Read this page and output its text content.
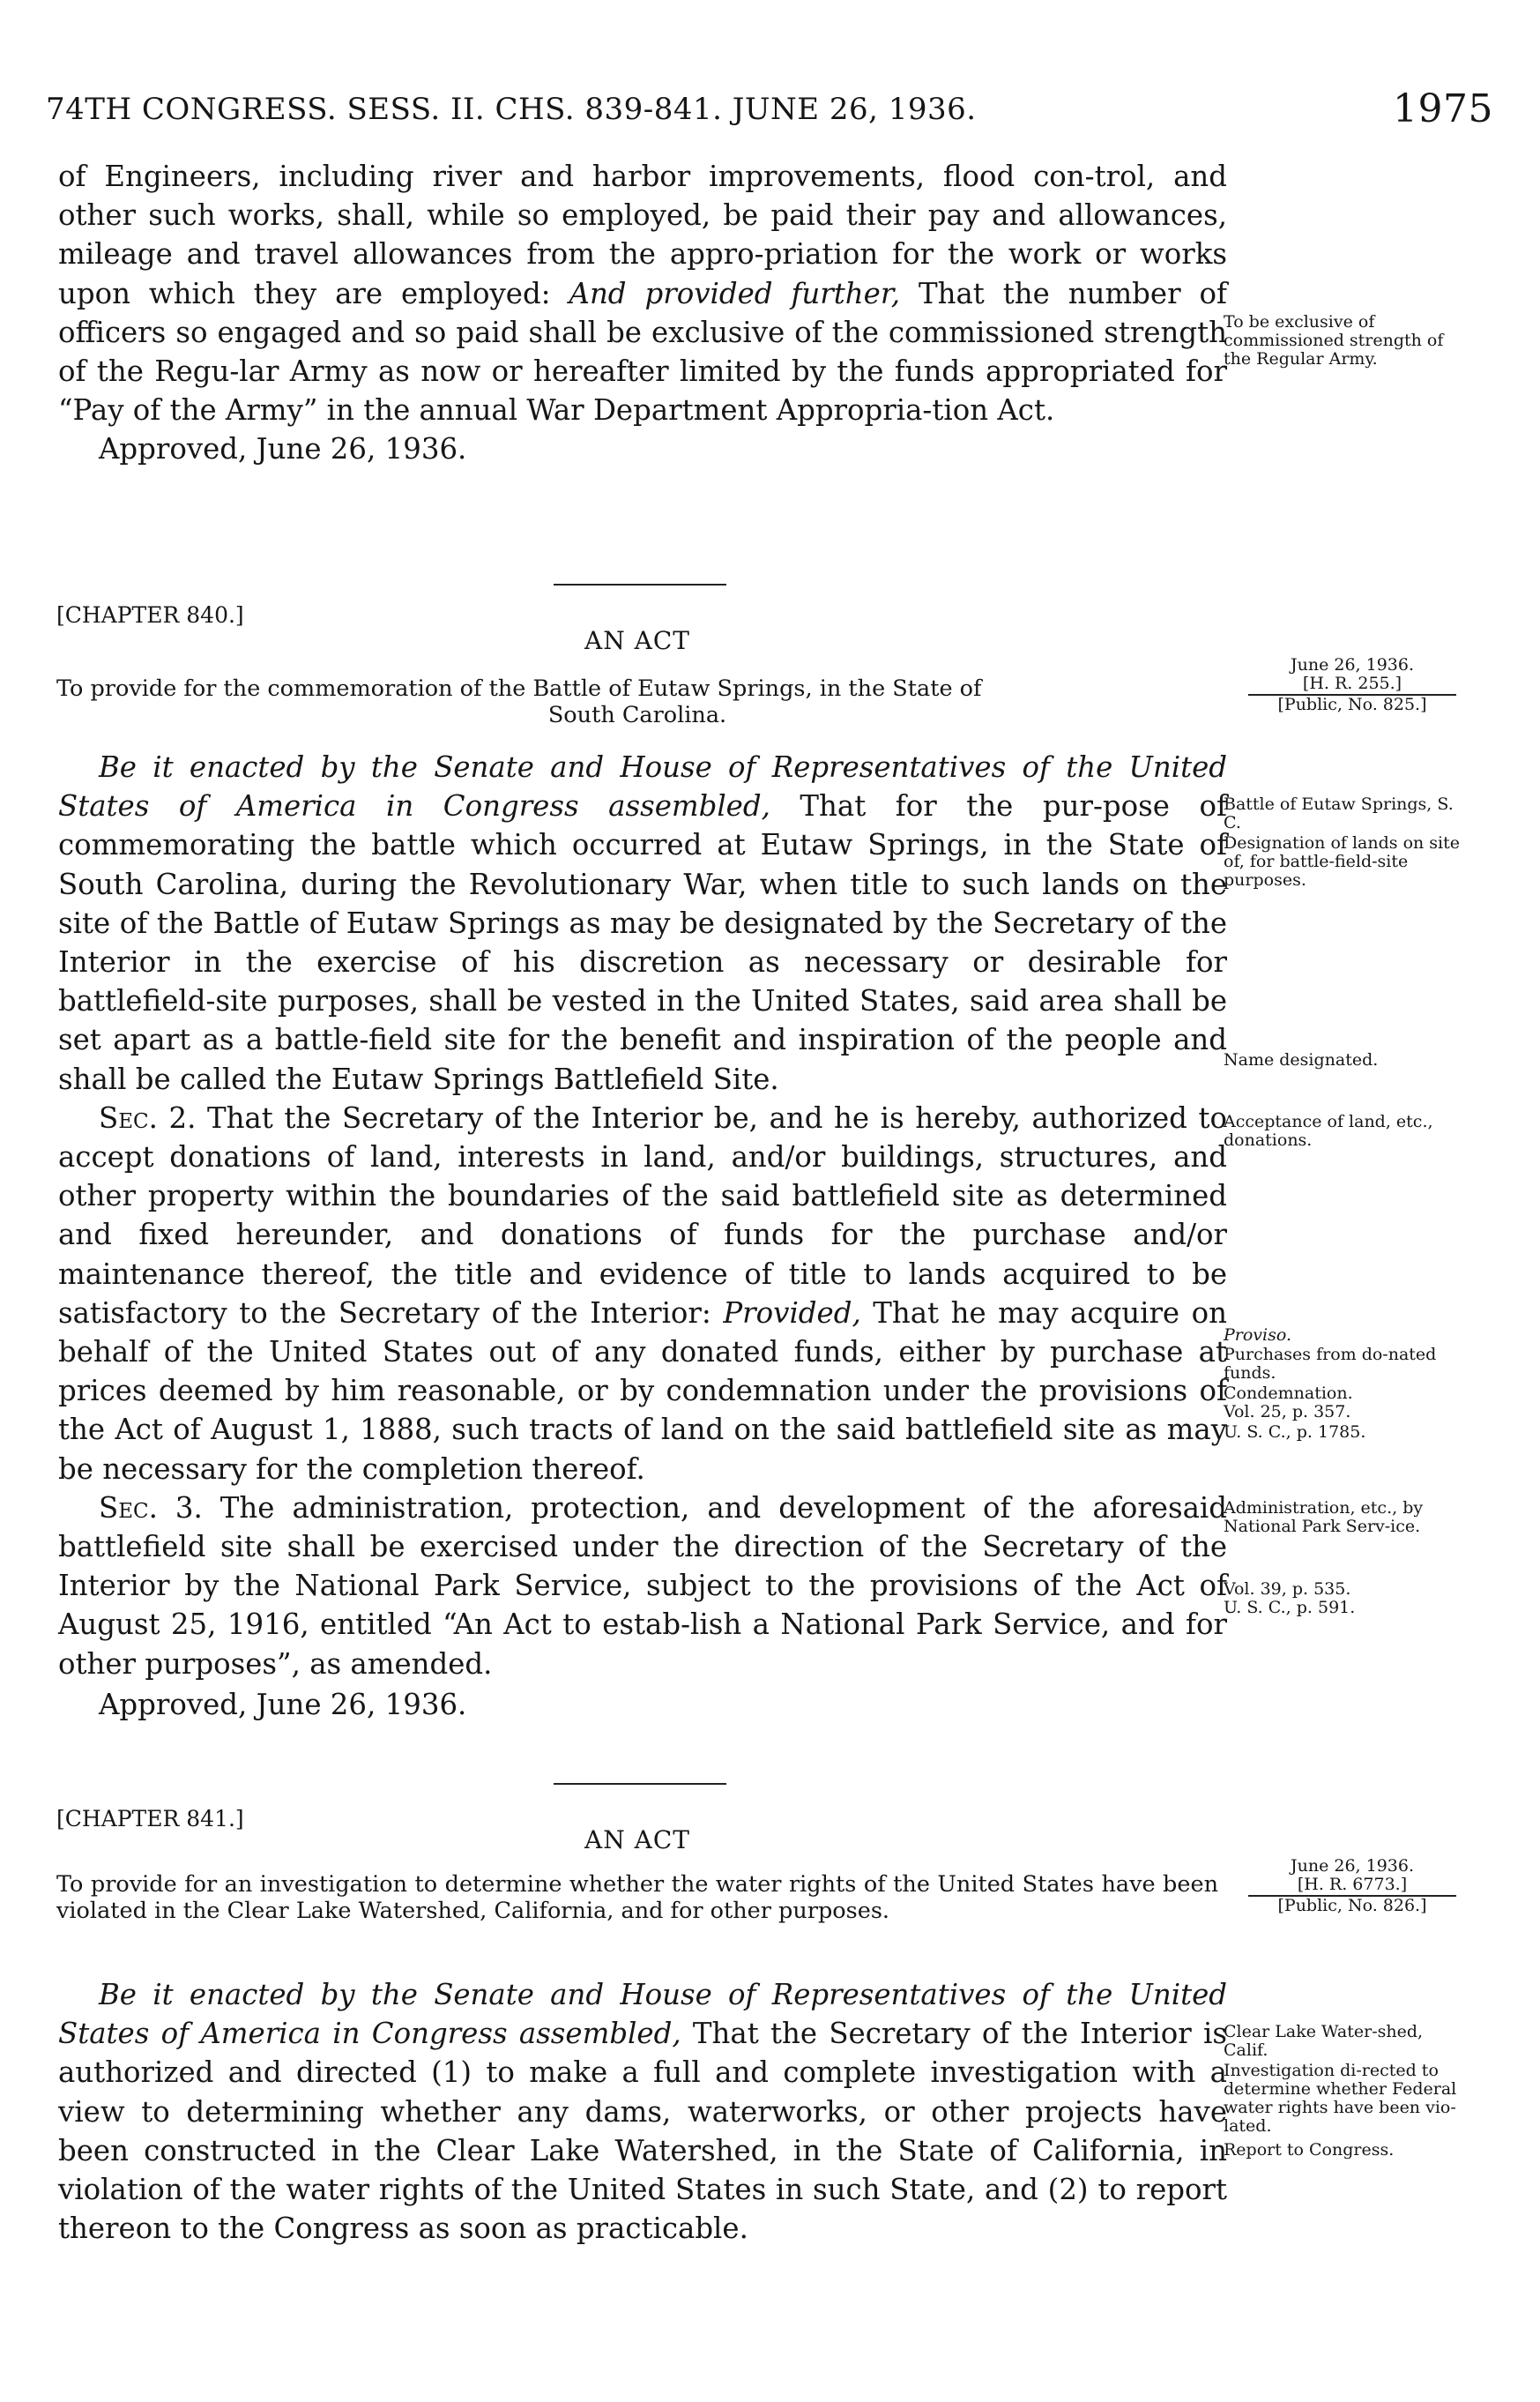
74TH CONGRESS. SESS. II. CHS. 839-841. JUNE 26, 1936.	1975

of Engineers, including river and harbor improvements, flood con-trol, and other such works, shall, while so employed, be paid their pay and allowances, mileage and travel allowances from the appro-priation for the work or works upon which they are employed: And provided further, That the number of officers so engaged and so paid shall be exclusive of the commissioned strength of the Regu-lar Army as now or hereafter limited by the funds appropriated for “Pay of the Army” in the annual War Department Appropria-tion Act.

Approved, June 26, 1936.
To be exclusive of commissioned strength of the Regular Army.
[CHAPTER 840.]
AN ACT
To provide for the commemoration of the Battle of Eutaw Springs, in the State of
South Carolina.
June 26, 1936.
[H. R. 255.]
[Public, No. 825.]

Be it enacted by the Senate and House of Representatives of the United States of America in Congress assembled, That for the pur-pose of commemorating the battle which occurred at Eutaw Springs, in the State of South Carolina, during the Revolutionary War, when title to such lands on the site of the Battle of Eutaw Springs as may be designated by the Secretary of the Interior in the exercise of his discretion as necessary or desirable for battlefield-site purposes, shall be vested in the United States, said area shall be set apart as a battle-field site for the benefit and inspiration of the people and shall be called the Eutaw Springs Battlefield Site.

Sec. 2. That the Secretary of the Interior be, and he is hereby, authorized to accept donations of land, interests in land, and/or buildings, structures, and other property within the boundaries of the said battlefield site as determined and fixed hereunder, and donations of funds for the purchase and/or maintenance thereof, the title and evidence of title to lands acquired to be satisfactory to the Secretary of the Interior: Provided, That he may acquire on behalf of the United States out of any donated funds, either by purchase at prices deemed by him reasonable, or by condemnation under the provisions of the Act of August 1, 1888, such tracts of land on the said battlefield site as may be necessary for the completion thereof.

Sec. 3. The administration, protection, and development of the aforesaid battlefield site shall be exercised under the direction of the Secretary of the Interior by the National Park Service, subject to the provisions of the Act of August 25, 1916, entitled “An Act to estab-lish a National Park Service, and for other purposes”, as amended.

Approved, June 26, 1936.
Battle of Eutaw Springs, S. C.
Designation of lands on site of, for battle-field-site purposes.
Name designated.
Acceptance of land, etc., donations.
Proviso.
Purchases from do-nated funds.
Condemnation.
Vol. 25, p. 357.
U. S. C., p. 1785.
Administration, etc., by National Park Serv-ice.
Vol. 39, p. 535.
U. S. C., p. 591.
[CHAPTER 841.]
AN ACT
To provide for an investigation to determine whether the water rights of the United States have been violated in the Clear Lake Watershed, California, and for other purposes.
June 26, 1936.
[H. R. 6773.]
[Public, No. 826.]

Be it enacted by the Senate and House of Representatives of the United States of America in Congress assembled, That the Secretary of the Interior is authorized and directed (1) to make a full and complete investigation with a view to determining whether any dams, waterworks, or other projects have been constructed in the Clear Lake Watershed, in the State of California, in violation of the water rights of the United States in such State, and (2) to report thereon to the Congress as soon as practicable.

Clear Lake Water-shed, Calif.
Investigation di-rected to determine whether Federal water rights have been vio-lated.
Report to Congress.
